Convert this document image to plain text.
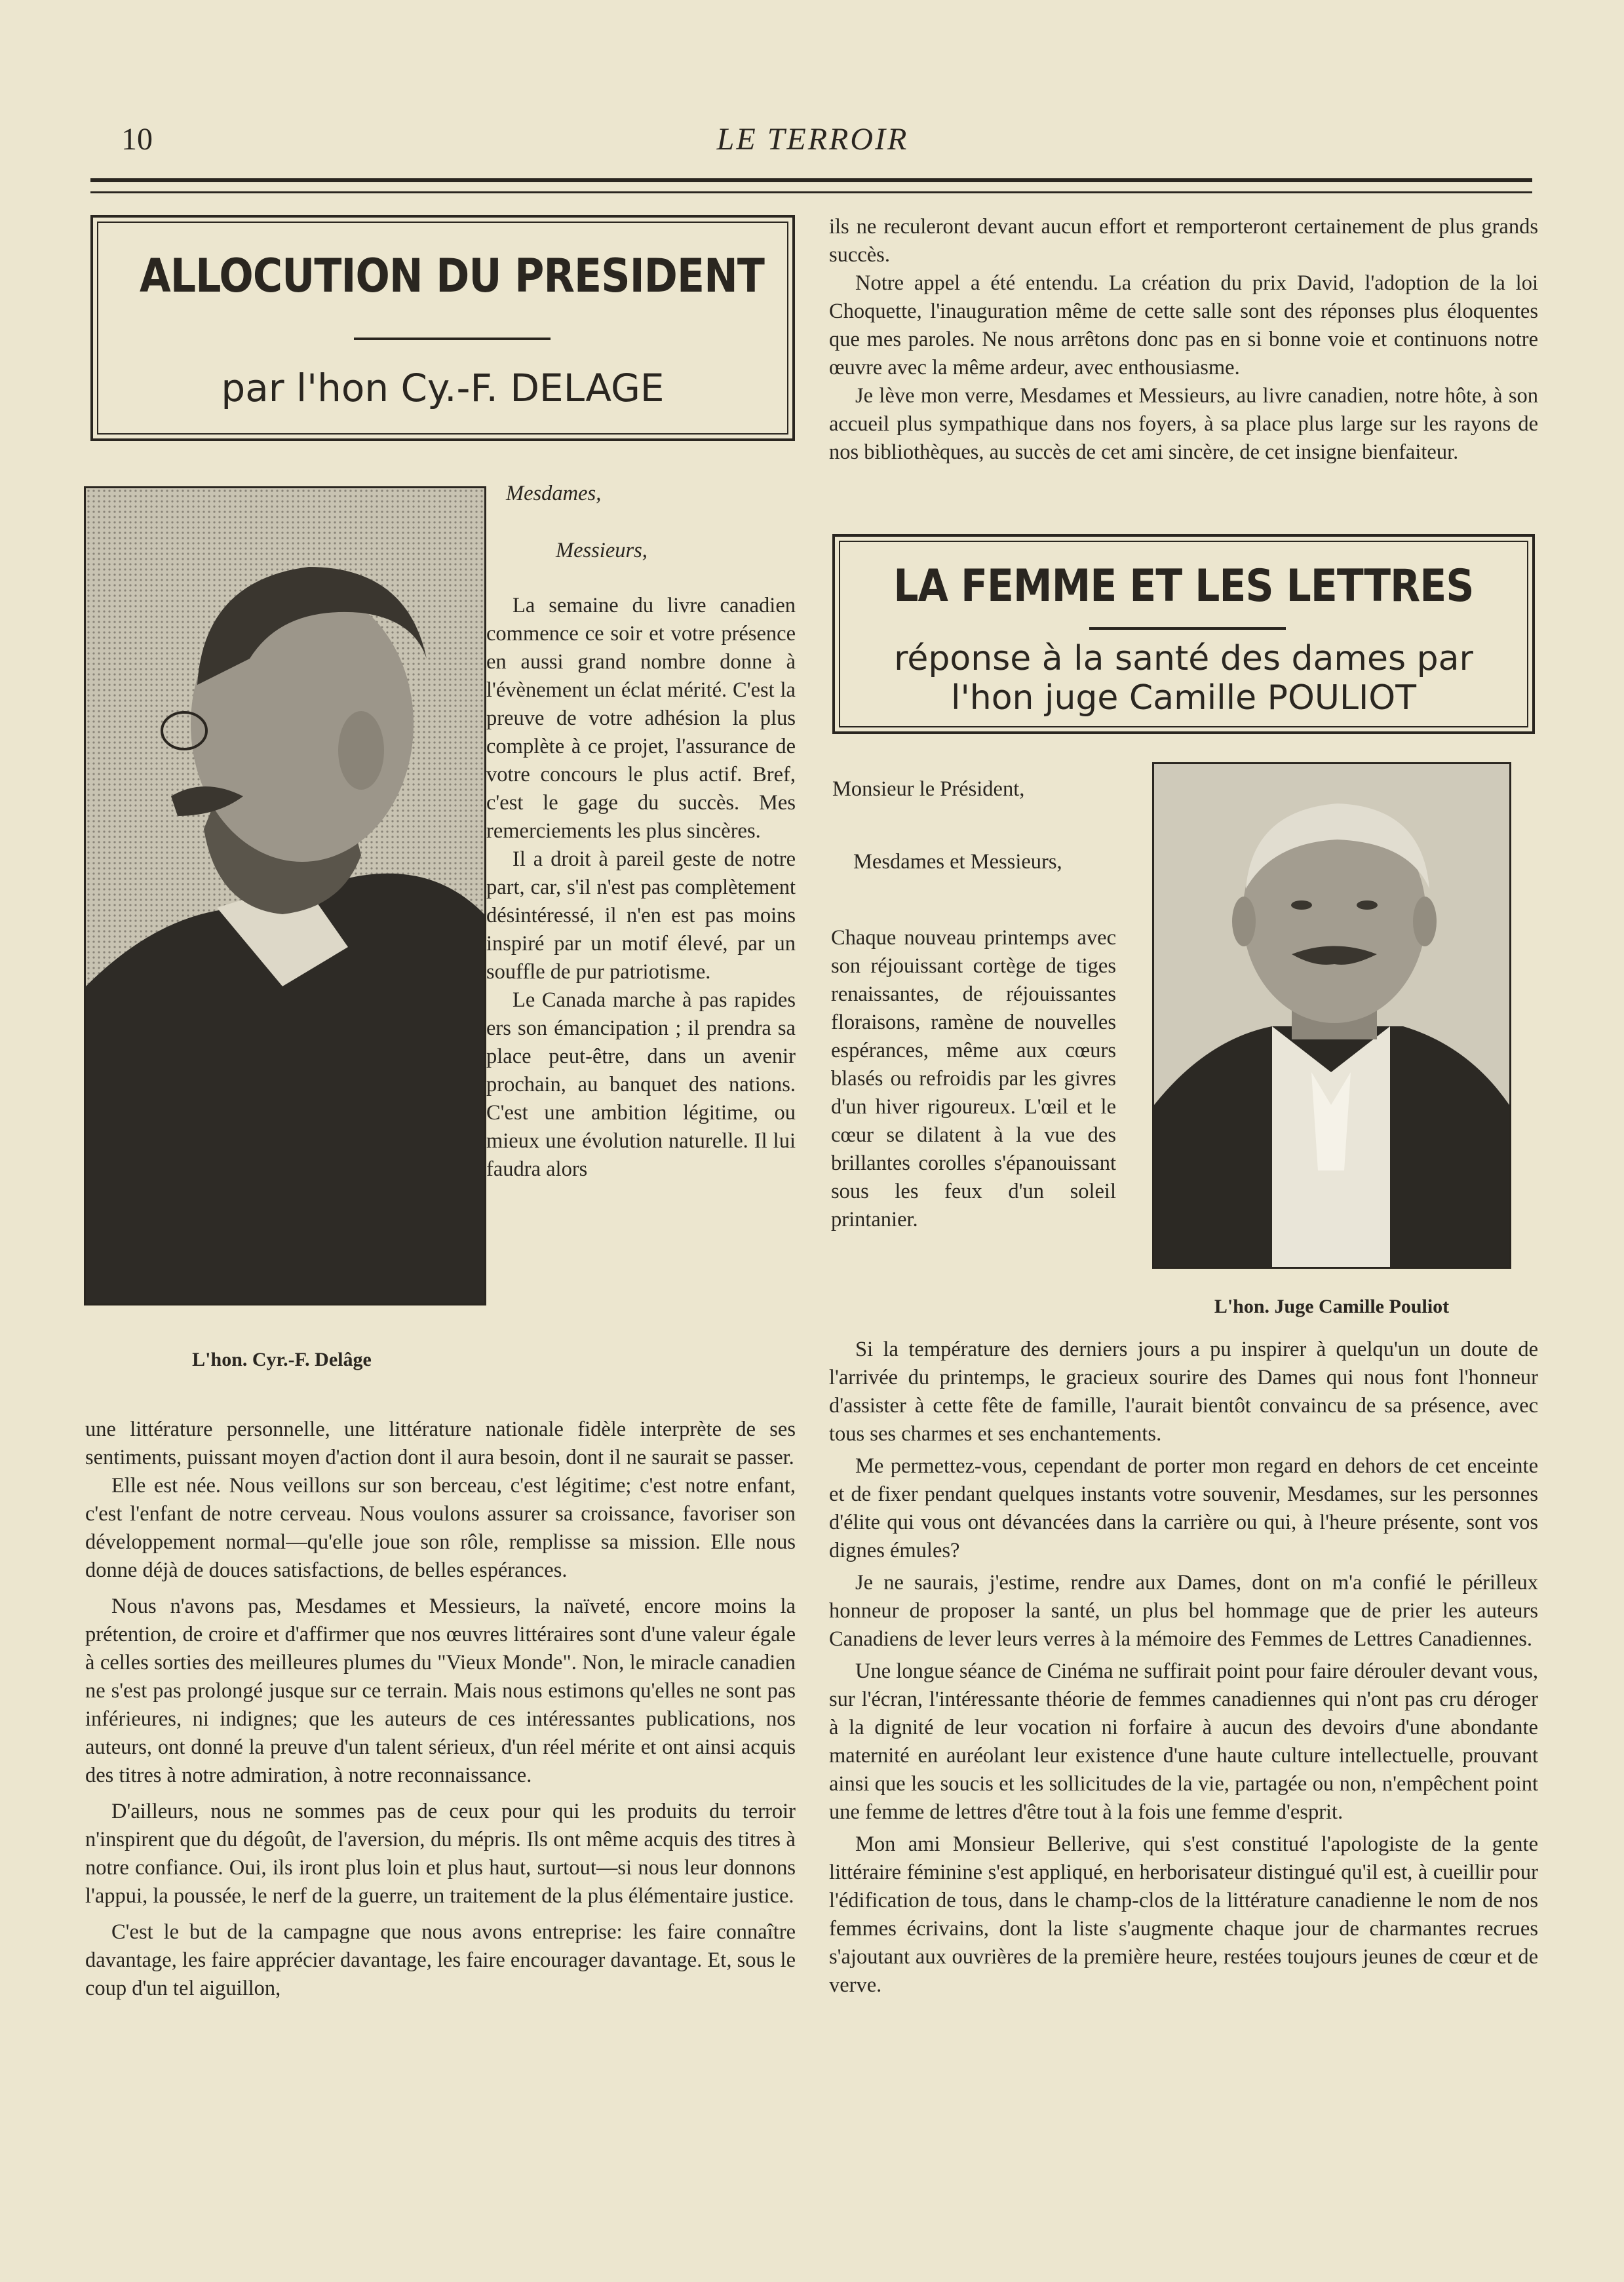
10	LE TERROIR
ALLOCUTION DU PRESIDENT
par l'hon Cy.-F. DELAGE
L'hon. Cyr.-F. Delâge
Mesdames,
Messieurs,

La semaine du livre canadien commence ce soir et votre présence en aussi grand nombre donne à l'évènement un éclat mérité. C'est la preuve de votre adhésion la plus complète à ce projet, l'assurance de votre concours le plus actif. Bref, c'est le gage du succès. Mes remerciements les plus sincères.

Il a droit à pareil geste de notre part, car, s'il n'est pas complètement désintéressé, il n'en est pas moins inspiré par un motif élevé, par un souffle de pur patriotisme.

Le Canada marche à pas rapides ers son émancipation ; il prendra sa place peut-être, dans un avenir prochain, au banquet des nations. C'est une ambition légitime, ou mieux une évolution naturelle. Il lui faudra alors

une littérature personnelle, une littérature nationale fidèle interprète de ses sentiments, puissant moyen d'action dont il aura besoin, dont il ne saurait se passer.

Elle est née. Nous veillons sur son berceau, c'est légitime; c'est notre enfant, c'est l'enfant de notre cerveau. Nous voulons assurer sa croissance, favoriser son développement normal—qu'elle joue son rôle, remplisse sa mission. Elle nous donne déjà de douces satisfactions, de belles espérances.

Nous n'avons pas, Mesdames et Messieurs, la naïveté, encore moins la prétention, de croire et d'affirmer que nos œuvres littéraires sont d'une valeur égale à celles sorties des meilleures plumes du "Vieux Monde". Non, le miracle canadien ne s'est pas prolongé jusque sur ce terrain. Mais nous estimons qu'elles ne sont pas inférieures, ni indignes; que les auteurs de ces intéressantes publications, nos auteurs, ont donné la preuve d'un talent sérieux, d'un réel mérite et ont ainsi acquis des titres à notre admiration, à notre reconnaissance.

D'ailleurs, nous ne sommes pas de ceux pour qui les produits du terroir n'inspirent que du dégoût, de l'aversion, du mépris. Ils ont même acquis des titres à notre confiance. Oui, ils iront plus loin et plus haut, surtout—si nous leur donnons l'appui, la poussée, le nerf de la guerre, un traitement de la plus élémentaire justice.

C'est le but de la campagne que nous avons entreprise: les faire connaître davantage, les faire apprécier davantage, les faire encourager davantage. Et, sous le coup d'un tel aiguillon,

ils ne reculeront devant aucun effort et remporteront certainement de plus grands succès.

Notre appel a été entendu. La création du prix David, l'adoption de la loi Choquette, l'inauguration même de cette salle sont des réponses plus éloquentes que mes paroles. Ne nous arrêtons donc pas en si bonne voie et continuons notre œuvre avec la même ardeur, avec enthousiasme.

Je lève mon verre, Mesdames et Messieurs, au livre canadien, notre hôte, à son accueil plus sympathique dans nos foyers, à sa place plus large sur les rayons de nos bibliothèques, au succès de cet ami sincère, de cet insigne bienfaiteur.

LA FEMME ET LES LETTRES
réponse à la santé des dames par
l'hon juge Camille POULIOT
L'hon. Juge Camille Pouliot
Monsieur le Président,
Mesdames et Messieurs,

Chaque nouveau printemps avec son réjouissant cortège de tiges renaissantes, de réjouissantes floraisons, ramène de nouvelles espérances, même aux cœurs blasés ou refroidis par les givres d'un hiver rigoureux. L'œil et le cœur se dilatent à la vue des brillantes corolles s'épanouissant sous les feux d'un soleil printanier.

Si la température des derniers jours a pu inspirer à quelqu'un un doute de l'arrivée du printemps, le gracieux sourire des Dames qui nous font l'honneur d'assister à cette fête de famille, l'aurait bientôt convaincu de sa présence, avec tous ses charmes et ses enchantements.

Me permettez-vous, cependant de porter mon regard en dehors de cet enceinte et de fixer pendant quelques instants votre souvenir, Mesdames, sur les personnes d'élite qui vous ont dévancées dans la carrière ou qui, à l'heure présente, sont vos dignes émules?

Je ne saurais, j'estime, rendre aux Dames, dont on m'a confié le périlleux honneur de proposer la santé, un plus bel hommage que de prier les auteurs Canadiens de lever leurs verres à la mémoire des Femmes de Lettres Canadiennes.

Une longue séance de Cinéma ne suffirait point pour faire dérouler devant vous, sur l'écran, l'intéressante théorie de femmes canadiennes qui n'ont pas cru déroger à la dignité de leur vocation ni forfaire à aucun des devoirs d'une abondante maternité en auréolant leur existence d'une haute culture intellectuelle, prouvant ainsi que les soucis et les sollicitudes de la vie, partagée ou non, n'empêchent point une femme de lettres d'être tout à la fois une femme d'esprit.

Mon ami Monsieur Bellerive, qui s'est constitué l'apologiste de la gente littéraire féminine s'est appliqué, en herborisateur distingué qu'il est, à cueillir pour l'édification de tous, dans le champ-clos de la littérature canadienne le nom de nos femmes écrivains, dont la liste s'augmente chaque jour de charmantes recrues s'ajoutant aux ouvrières de la première heure, restées toujours jeunes de cœur et de verve.
